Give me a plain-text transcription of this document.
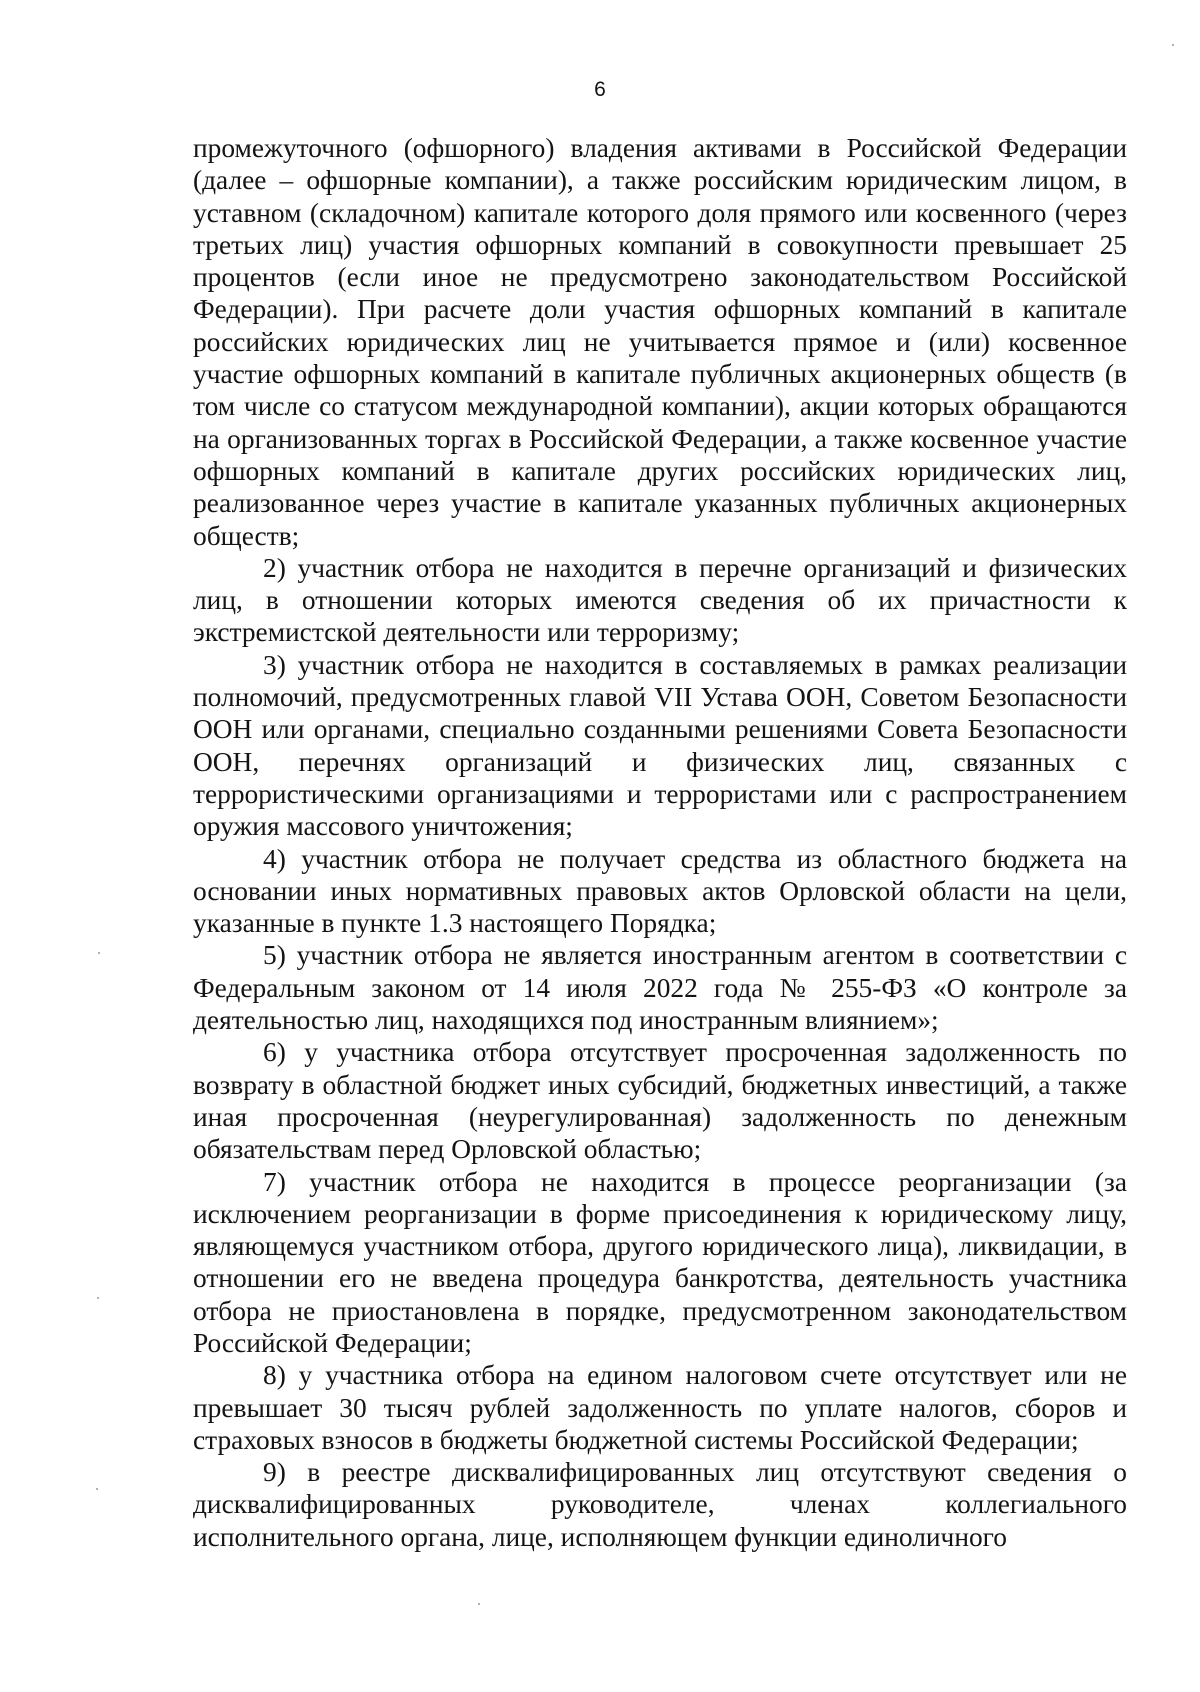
6

промежуточного (офшорного) владения активами в Российской Федерации (далее – офшорные компании), а также российским юридическим лицом, в уставном (складочном) капитале которого доля прямого или косвенного (через третьих лиц) участия офшорных компаний в совокупности превышает 25 процентов (если иное не предусмотрено законодательством Российской Федерации). При расчете доли участия офшорных компаний в капитале российских юридических лиц не учитывается прямое и (или) косвенное участие офшорных компаний в капитале публичных акционерных обществ (в том числе со статусом международной компании), акции которых обращаются на организованных торгах в Российской Федерации, а также косвенное участие офшорных компаний в капитале других российских юридических лиц, реализованное через участие в капитале указанных публичных акционерных обществ;

2) участник отбора не находится в перечне организаций и физических лиц, в отношении которых имеются сведения об их причастности к экстремистской деятельности или терроризму;

3) участник отбора не находится в составляемых в рамках реализации полномочий, предусмотренных главой VII Устава ООН, Советом Безопасности ООН или органами, специально созданными решениями Совета Безопасности ООН, перечнях организаций и физических лиц, связанных с террористическими организациями и террористами или с распространением оружия массового уничтожения;

4) участник отбора не получает средства из областного бюджета на основании иных нормативных правовых актов Орловской области на цели, указанные в пункте 1.3 настоящего Порядка;

5) участник отбора не является иностранным агентом в соответствии с Федеральным законом от 14 июля 2022 года № 255-ФЗ «О контроле за деятельностью лиц, находящихся под иностранным влиянием»;

6) у участника отбора отсутствует просроченная задолженность по возврату в областной бюджет иных субсидий, бюджетных инвестиций, а также иная просроченная (неурегулированная) задолженность по денежным обязательствам перед Орловской областью;

7) участник отбора не находится в процессе реорганизации (за исключением реорганизации в форме присоединения к юридическому лицу, являющемуся участником отбора, другого юридического лица), ликвидации, в отношении его не введена процедура банкротства, деятельность участника отбора не приостановлена в порядке, предусмотренном законодательством Российской Федерации;

8) у участника отбора на едином налоговом счете отсутствует или не превышает 30 тысяч рублей задолженность по уплате налогов, сборов и страховых взносов в бюджеты бюджетной системы Российской Федерации;

9) в реестре дисквалифицированных лиц отсутствуют сведения о дисквалифицированных руководителе, членах коллегиального исполнительного органа, лице, исполняющем функции единоличного
